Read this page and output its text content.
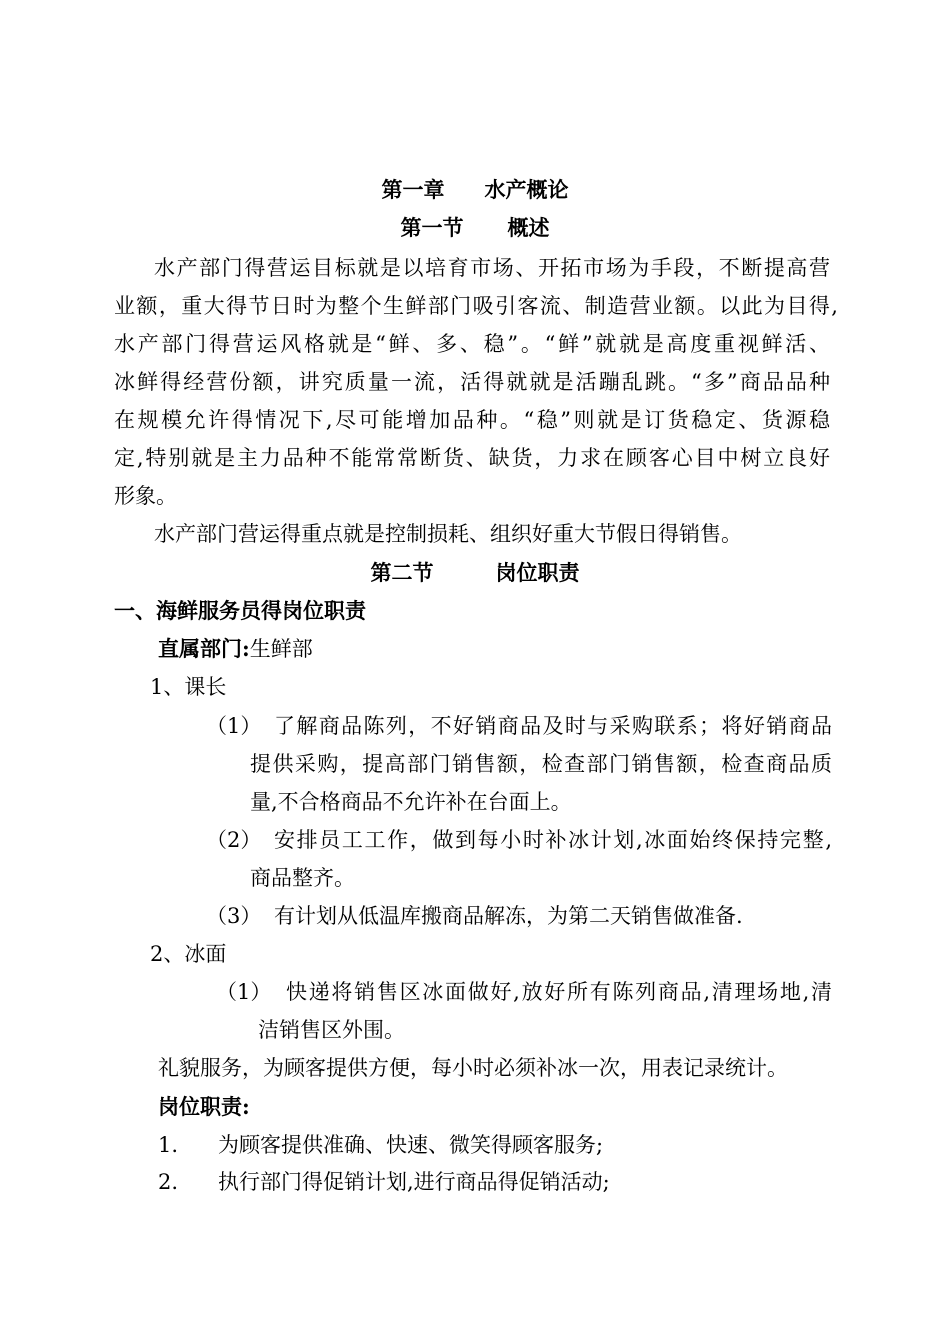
第一章 水产概论
第一节 概述
水产部门得营运目标就是以培育市场、开拓市场为手段，不断提高营
业额，重大得节日时为整个生鲜部门吸引客流、制造营业额。以此为目得,
水产部门得营运风格就是“鲜、多、稳”。“鲜”就就是高度重视鲜活、
冰鲜得经营份额，讲究质量一流，活得就就是活蹦乱跳。“多”商品品种
在规模允许得情况下,尽可能增加品种。“稳”则就是订货稳定、货源稳
定,特别就是主力品种不能常常断货、缺货，力求在顾客心目中树立良好
形象。
水产部门营运得重点就是控制损耗、组织好重大节假日得销售。
第二节	岗位职责
一、海鲜服务员得岗位职责
直属部门:生鲜部
1、课长
（1） 了解商品陈列，不好销商品及时与采购联系；将好销商品
提供采购，提高部门销售额，检查部门销售额，检查商品质
量,不合格商品不允许补在台面上。
（2） 安排员工工作，做到每小时补冰计划,冰面始终保持完整,
商品整齐。
（3） 有计划从低温库搬商品解冻，为第二天销售做准备.
2、冰面
（1） 快递将销售区冰面做好,放好所有陈列商品,清理场地,清
洁销售区外围。
礼貌服务，为顾客提供方便，每小时必须补冰一次，用表记录统计。
岗位职责:
1. 为顾客提供准确、快速、微笑得顾客服务;
2. 执行部门得促销计划,进行商品得促销活动;
